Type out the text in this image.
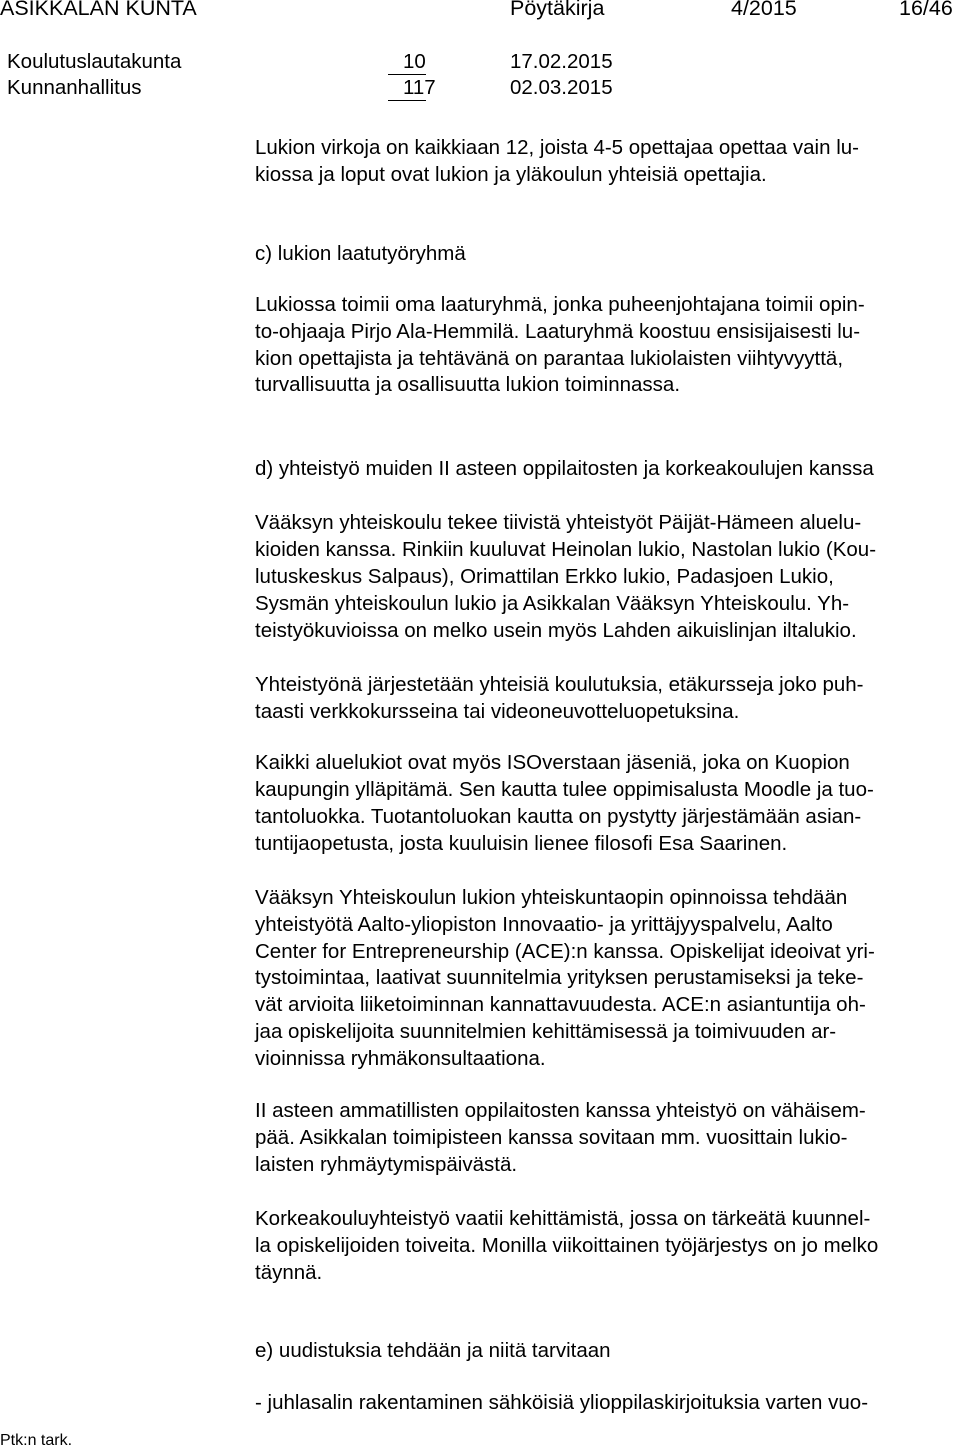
ASIKKALAN KUNTA	Pöytäkirja	4/2015	16/46
Koulutuslautakunta	10	17.02.2015
Kunnanhallitus	117	02.03.2015
Lukion virkoja on kaikkiaan 12, joista 4-5 opettajaa opettaa vain lu-
kiossa ja loput ovat lukion ja yläkoulun yhteisiä opettajia.
c) lukion laatutyöryhmä
Lukiossa toimii oma laaturyhmä, jonka puheenjohtajana toimii opin-
to-ohjaaja Pirjo Ala-Hemmilä. Laaturyhmä koostuu ensisijaisesti lu-
kion opettajista ja tehtävänä on parantaa lukiolaisten viihtyvyyttä,
turvallisuutta ja osallisuutta lukion toiminnassa.
d) yhteistyö muiden II asteen oppilaitosten ja korkeakoulujen kanssa
Vääksyn yhteiskoulu tekee tiivistä yhteistyöt Päijät-Hämeen aluelu-
kioiden kanssa. Rinkiin kuuluvat Heinolan lukio, Nastolan lukio (Kou-
lutuskeskus Salpaus), Orimattilan Erkko lukio, Padasjoen Lukio,
Sysmän yhteiskoulun lukio ja Asikkalan Vääksyn Yhteiskoulu. Yh-
teistyökuvioissa on melko usein myös Lahden aikuislinjan iltalukio.
Yhteistyönä järjestetään yhteisiä koulutuksia, etäkursseja joko puh-
taasti verkkokursseina tai videoneuvotteluopetuksina.
Kaikki aluelukiot ovat myös ISOverstaan jäseniä, joka on Kuopion
kaupungin ylläpitämä. Sen kautta tulee oppimisalusta Moodle ja tuo-
tantoluokka. Tuotantoluokan kautta on pystytty järjestämään asian-
tuntijaopetusta, josta kuuluisin lienee filosofi Esa Saarinen.
Vääksyn Yhteiskoulun lukion yhteiskuntaopin opinnoissa tehdään
yhteistyötä Aalto-yliopiston Innovaatio- ja yrittäjyyspalvelu, Aalto
Center for Entrepreneurship (ACE):n kanssa. Opiskelijat ideoivat yri-
tystoimintaa, laativat suunnitelmia yrityksen perustamiseksi ja teke-
vät arvioita liiketoiminnan kannattavuudesta. ACE:n asiantuntija oh-
jaa opiskelijoita suunnitelmien kehittämisessä ja toimivuuden ar-
vioinnissa ryhmäkonsultaationa.
II asteen ammatillisten oppilaitosten kanssa yhteistyö on vähäisem-
pää. Asikkalan toimipisteen kanssa sovitaan mm. vuosittain lukio-
laisten ryhmäytymispäivästä.
Korkeakouluyhteistyö vaatii kehittämistä, jossa on tärkeätä kuunnel-
la opiskelijoiden toiveita. Monilla viikoittainen työjärjestys on jo melko
täynnä.
e) uudistuksia tehdään ja niitä tarvitaan
- juhlasalin rakentaminen sähköisiä ylioppilaskirjoituksia varten vuo-
Ptk:n tark.
